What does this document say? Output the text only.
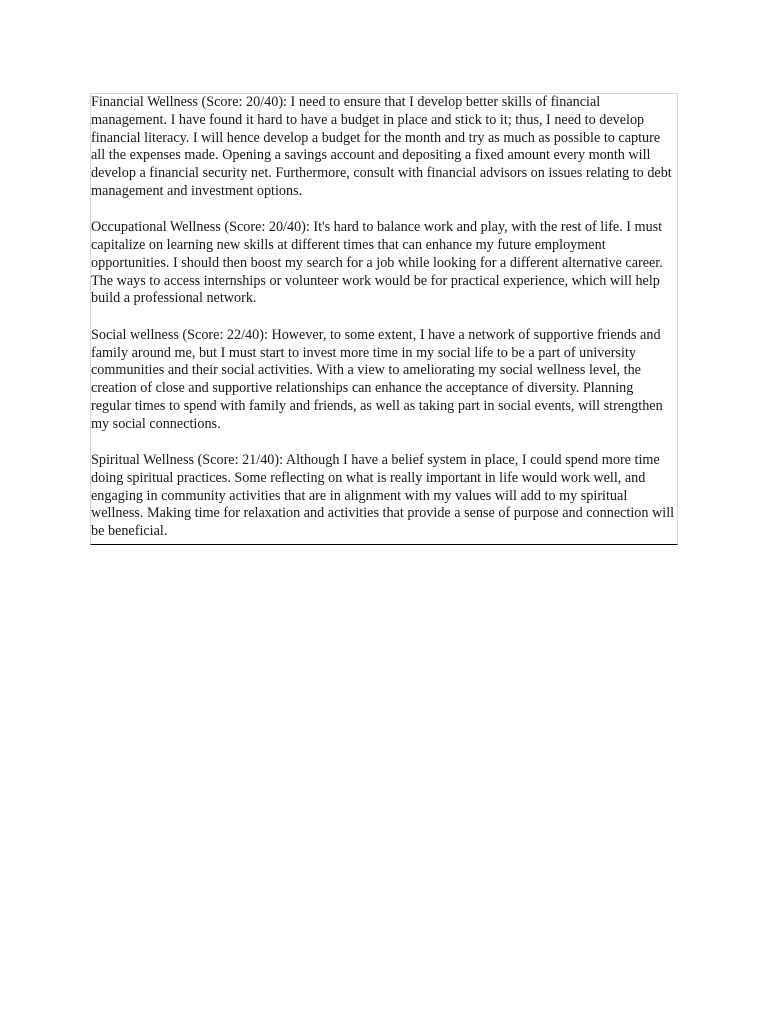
Financial Wellness (Score: 20/40): I need to ensure that I develop better skills of financial management. I have found it hard to have a budget in place and stick to it; thus, I need to develop financial literacy. I will hence develop a budget for the month and try as much as possible to capture all the expenses made. Opening a savings account and depositing a fixed amount every month will develop a financial security net. Furthermore, consult with financial advisors on issues relating to debt management and investment options.

Occupational Wellness (Score: 20/40): It's hard to balance work and play, with the rest of life. I must capitalize on learning new skills at different times that can enhance my future employment opportunities. I should then boost my search for a job while looking for a different alternative career. The ways to access internships or volunteer work would be for practical experience, which will help build a professional network.

Social wellness (Score: 22/40): However, to some extent, I have a network of supportive friends and family around me, but I must start to invest more time in my social life to be a part of university communities and their social activities. With a view to ameliorating my social wellness level, the creation of close and supportive relationships can enhance the acceptance of diversity. Planning regular times to spend with family and friends, as well as taking part in social events, will strengthen my social connections.

Spiritual Wellness (Score: 21/40): Although I have a belief system in place, I could spend more time doing spiritual practices. Some reflecting on what is really important in life would work well, and engaging in community activities that are in alignment with my values will add to my spiritual wellness. Making time for relaxation and activities that provide a sense of purpose and connection will be beneficial.
